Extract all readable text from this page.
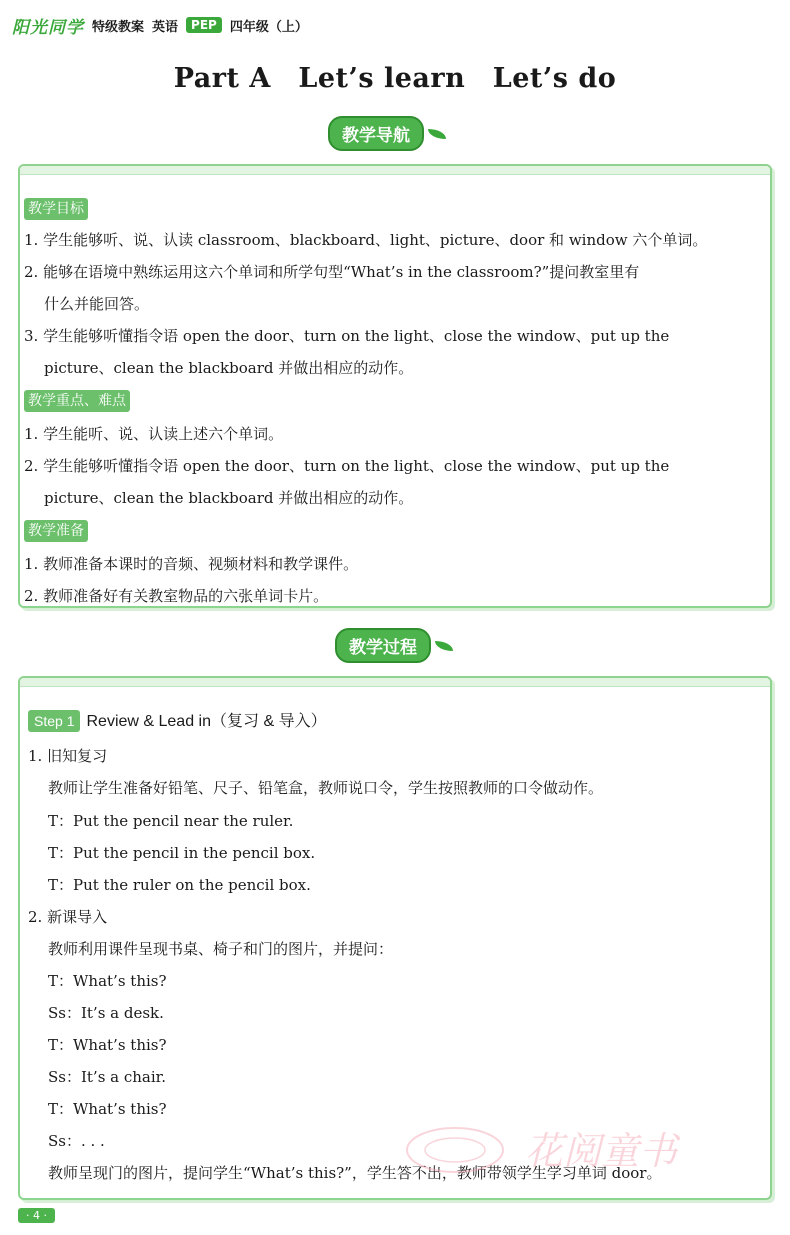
阳光同学 特级教案 英语	PEP	四年级（上）
Part A　Let’s learn　Let’s do
教学导航
教学目标
1. 学生能够听、说、认读 classroom、blackboard、light、picture、door 和 window 六个单词。
2. 能够在语境中熟练运用这六个单词和所学句型“What’s in the classroom?”提问教室里有
什么并能回答。
3. 学生能够听懂指令语 open the door、turn on the light、close the window、put up the
picture、clean the blackboard 并做出相应的动作。
教学重点、难点
1. 学生能听、说、认读上述六个单词。
2. 学生能够听懂指令语 open the door、turn on the light、close the window、put up the
picture、clean the blackboard 并做出相应的动作。
教学准备
1. 教师准备本课时的音频、视频材料和教学课件。
2. 教师准备好有关教室物品的六张单词卡片。
教学过程
Step 1 Review & Lead in（复习 & 导入）
1. 旧知复习
教师让学生准备好铅笔、尺子、铅笔盒，教师说口令，学生按照教师的口令做动作。
T：Put the pencil near the ruler.
T：Put the pencil in the pencil box.
T：Put the ruler on the pencil box.
2. 新课导入
教师利用课件呈现书桌、椅子和门的图片，并提问：
T：What’s this?
Ss：It’s a desk.
T：What’s this?
Ss：It’s a chair.
T：What’s this?
Ss：. . .
教师呈现门的图片，提问学生“What’s this?”，学生答不出，教师带领学生学习单词 door。
花阅童书
· 4 ·
